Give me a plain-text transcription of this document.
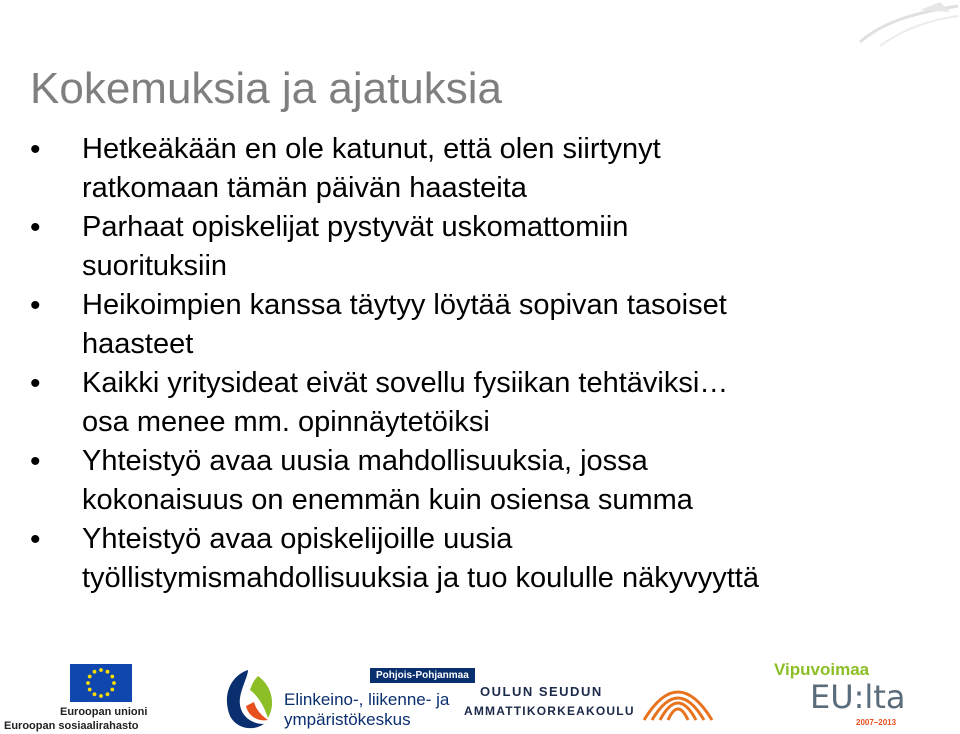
Kokemuksia ja ajatuksia
•	Hetkeäkään en ole katunut, että olen siirtynyt
ratkomaan tämän päivän haasteita
•	Parhaat opiskelijat pystyvät uskomattomiin
suorituksiin
•	Heikoimpien kanssa täytyy löytää sopivan tasoiset
haasteet
•	Kaikki yritysideat eivät sovellu fysiikan tehtäviksi…
osa menee mm. opinnäytetöiksi
•	Yhteistyö avaa uusia mahdollisuuksia, jossa
kokonaisuus on enemmän kuin osiensa summa
•	Yhteistyö avaa opiskelijoille uusia
työllistymismahdollisuuksia ja tuo koululle näkyvyyttä
Euroopan unioni
Euroopan sosiaalirahasto
Pohjois-Pohjanmaa
Elinkeino-, liikenne- ja
ympäristökeskus
OULUN SEUDUN
AMMATTIKORKEAKOULU
Vipuvoimaa
EU:lta
2007–2013
